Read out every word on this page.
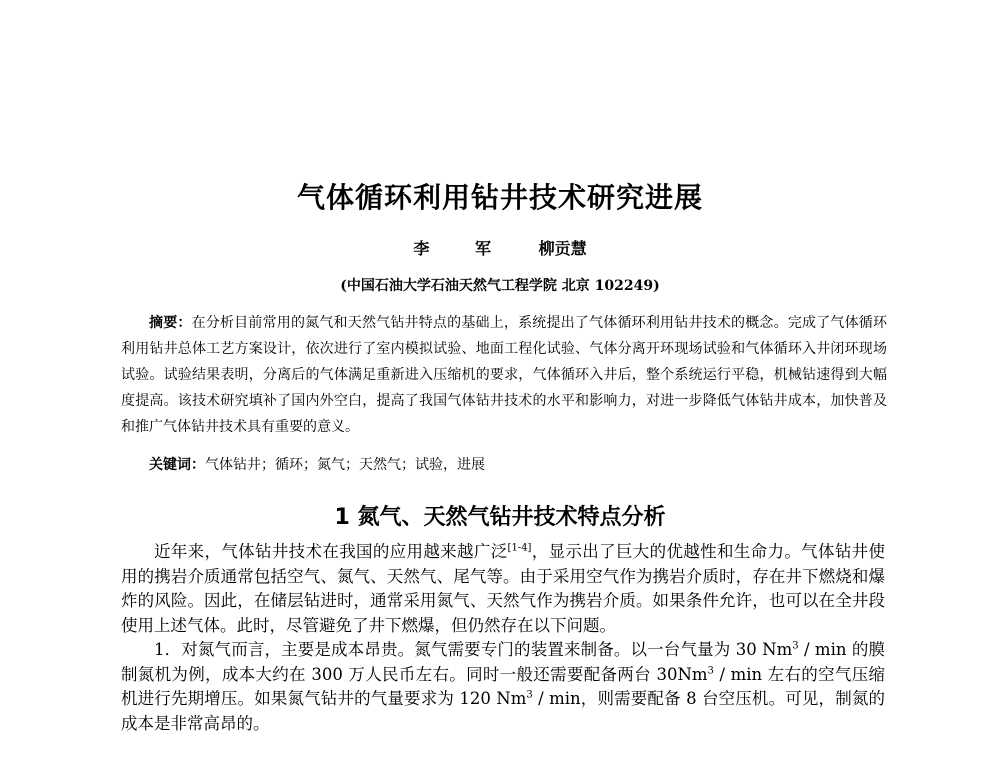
气体循环利用钻井技术研究进展
李 军 柳贡慧
(中国石油大学石油天然气工程学院 北京 102249)
摘要：在分析目前常用的氮气和天然气钻井特点的基础上，系统提出了气体循环利用钻井技术的概念。完成了气体循环利用钻井总体工艺方案设计，依次进行了室内模拟试验、地面工程化试验、气体分离开环现场试验和气体循环入井闭环现场试验。试验结果表明，分离后的气体满足重新进入压缩机的要求，气体循环入井后，整个系统运行平稳，机械钻速得到大幅度提高。该技术研究填补了国内外空白，提高了我国气体钻井技术的水平和影响力，对进一步降低气体钻井成本，加快普及和推广气体钻井技术具有重要的意义。
关键词：气体钻井；循环；氮气；天然气；试验，进展
1 氮气、天然气钻井技术特点分析

近年来，气体钻井技术在我国的应用越来越广泛[1-4]，显示出了巨大的优越性和生命力。气体钻井使用的携岩介质通常包括空气、氮气、天然气、尾气等。由于采用空气作为携岩介质时，存在井下燃烧和爆炸的风险。因此，在储层钻进时，通常采用氮气、天然气作为携岩介质。如果条件允许，也可以在全井段使用上述气体。此时，尽管避免了井下燃爆，但仍然存在以下问题。

1．对氮气而言，主要是成本昂贵。氮气需要专门的装置来制备。以一台气量为 30 Nm$^3$ / min 的膜制氮机为例，成本大约在 300 万人民币左右。同时一般还需要配备两台 30Nm$^3$ / min 左右的空气压缩机进行先期增压。如果氮气钻井的气量要求为 120 Nm$^3$ / min，则需要配备 8 台空压机。可见，制氮的成本是非常高昂的。
